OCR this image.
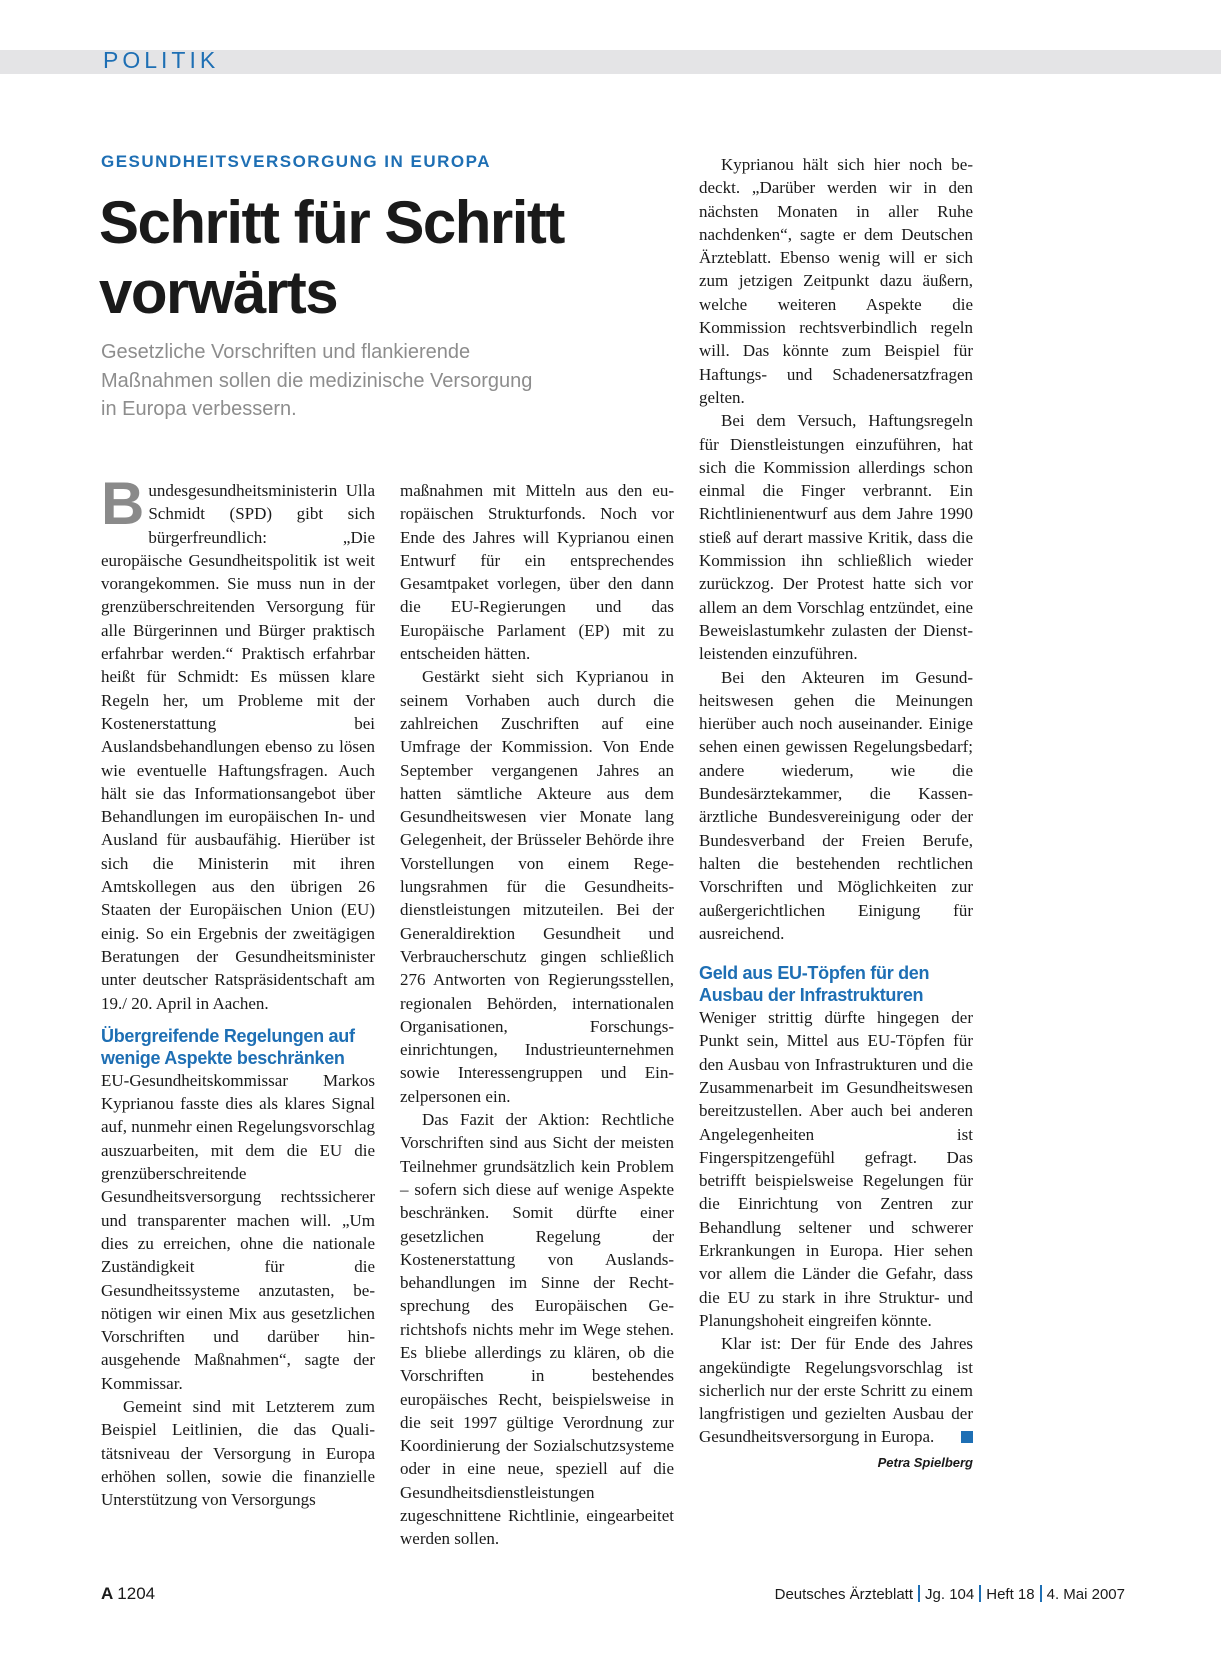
POLITIK
GESUNDHEITSVERSORGUNG IN EUROPA
Schritt für Schritt
vorwärts
Gesetzliche Vorschriften und flankierende
Maßnahmen sollen die medizinische Versorgung
in Europa verbessern.

Bundesgesundheitsministerin Ulla Schmidt (SPD) gibt sich bürgerfreundlich: „Die europäische Gesundheitspolitik ist weit vorangekommen. Sie muss nun in der grenzüberschreitenden Versorgung für alle Bürgerinnen und Bürger praktisch erfahrbar werden.“ Praktisch erfahrbar heißt für Schmidt: Es müssen klare Regeln her, um Probleme mit der Kostenerstattung bei Auslandsbehandlungen ebenso zu lösen wie eventuelle Haftungsfragen. Auch hält sie das Informationsangebot über Behandlungen im europäischen In- und Ausland für ausbaufähig. Hierüber ist sich die Ministerin mit ihren Amtskollegen aus den übrigen 26 Staaten der Europäischen Union (EU) einig. So ein Ergebnis der zweitägigen Beratungen der Gesundheitsminister unter deutscher Ratspräsidentschaft am 19./ 20. April in Aachen.

Übergreifende Regelungen auf wenige Aspekte beschränken

EU-Gesundheitskommissar Markos Kyprianou fasste dies als klares Signal auf, nunmehr einen Regelungsvorschlag auszuarbeiten, mit dem die EU die grenzüberschreitende Gesundheitsversorgung rechtssicherer und transparenter machen will. „Um dies zu erreichen, ohne die nationale Zuständigkeit für die Gesundheitssysteme anzutasten, benötigen wir einen Mix aus gesetzlichen Vorschriften und darüber hinausgehende Maßnahmen“, sagte der Kommissar.

Gemeint sind mit Letzterem zum Beispiel Leitlinien, die das Qualitätsniveau der Versorgung in Europa erhöhen sollen, sowie die finanzielle Unterstützung von Versorgungs

maßnahmen mit Mitteln aus den europäischen Strukturfonds. Noch vor Ende des Jahres will Kyprianou einen Entwurf für ein entsprechendes Gesamtpaket vorlegen, über den dann die EU-Regierungen und das Europäische Parlament (EP) mit zu entscheiden hätten.

Gestärkt sieht sich Kyprianou in seinem Vorhaben auch durch die zahlreichen Zuschriften auf eine Umfrage der Kommission. Von Ende September vergangenen Jahres an hatten sämtliche Akteure aus dem Gesundheitswesen vier Monate lang Gelegenheit, der Brüsseler Behörde ihre Vorstellungen von einem Regelungsrahmen für die Gesundheitsdienstleistungen mitzuteilen. Bei der Generaldirektion Gesundheit und Verbraucherschutz gingen schließlich 276 Antworten von Regierungsstellen, regionalen Behörden, internationalen Organisationen, Forschungseinrichtungen, Industrieunternehmen sowie Interessengruppen und Einzelpersonen ein.

Das Fazit der Aktion: Rechtliche Vorschriften sind aus Sicht der meisten Teilnehmer grundsätzlich kein Problem – sofern sich diese auf wenige Aspekte beschränken. Somit dürfte einer gesetzlichen Regelung der Kostenerstattung von Auslandsbehandlungen im Sinne der Rechtsprechung des Europäischen Gerichtshofs nichts mehr im Wege stehen. Es bliebe allerdings zu klären, ob die Vorschriften in bestehendes europäisches Recht, beispielsweise in die seit 1997 gültige Verordnung zur Koordinierung der Sozialschutzsysteme oder in eine neue, speziell auf die Gesundheitsdienstleistungen zugeschnittene Richtlinie, eingearbeitet werden sollen.

Kyprianou hält sich hier noch bedeckt. „Darüber werden wir in den nächsten Monaten in aller Ruhe nachdenken“, sagte er dem Deutschen Ärzteblatt. Ebenso wenig will er sich zum jetzigen Zeitpunkt dazu äußern, welche weiteren Aspekte die Kommission rechtsverbindlich regeln will. Das könnte zum Beispiel für Haftungs- und Schadenersatzfragen gelten.

Bei dem Versuch, Haftungsregeln für Dienstleistungen einzuführen, hat sich die Kommission allerdings schon einmal die Finger verbrannt. Ein Richtlinienentwurf aus dem Jahre 1990 stieß auf derart massive Kritik, dass die Kommission ihn schließlich wieder zurückzog. Der Protest hatte sich vor allem an dem Vorschlag entzündet, eine Beweislastumkehr zulasten der Dienstleistenden einzuführen.

Bei den Akteuren im Gesundheitswesen gehen die Meinungen hierüber auch noch auseinander. Einige sehen einen gewissen Regelungsbedarf; andere wiederum, wie die Bundesärztekammer, die Kassenärztliche Bundesvereinigung oder der Bundesverband der Freien Berufe, halten die bestehenden rechtlichen Vorschriften und Möglichkeiten zur außergerichtlichen Einigung für ausreichend.

Geld aus EU-Töpfen für den Ausbau der Infrastrukturen

Weniger strittig dürfte hingegen der Punkt sein, Mittel aus EU-Töpfen für den Ausbau von Infrastrukturen und die Zusammenarbeit im Gesundheitswesen bereitzustellen. Aber auch bei anderen Angelegenheiten ist Fingerspitzengefühl gefragt. Das betrifft beispielsweise Regelungen für die Einrichtung von Zentren zur Behandlung seltener und schwerer Erkrankungen in Europa. Hier sehen vor allem die Länder die Gefahr, dass die EU zu stark in ihre Struktur- und Planungshoheit eingreifen könnte.

Klar ist: Der für Ende des Jahres angekündigte Regelungsvorschlag ist sicherlich nur der erste Schritt zu einem langfristigen und gezielten Ausbau der Gesundheitsversorgung in Europa.

Petra Spielberg
A 1204	Deutsches Ärzteblatt Jg. 104 Heft 18 4. Mai 2007
